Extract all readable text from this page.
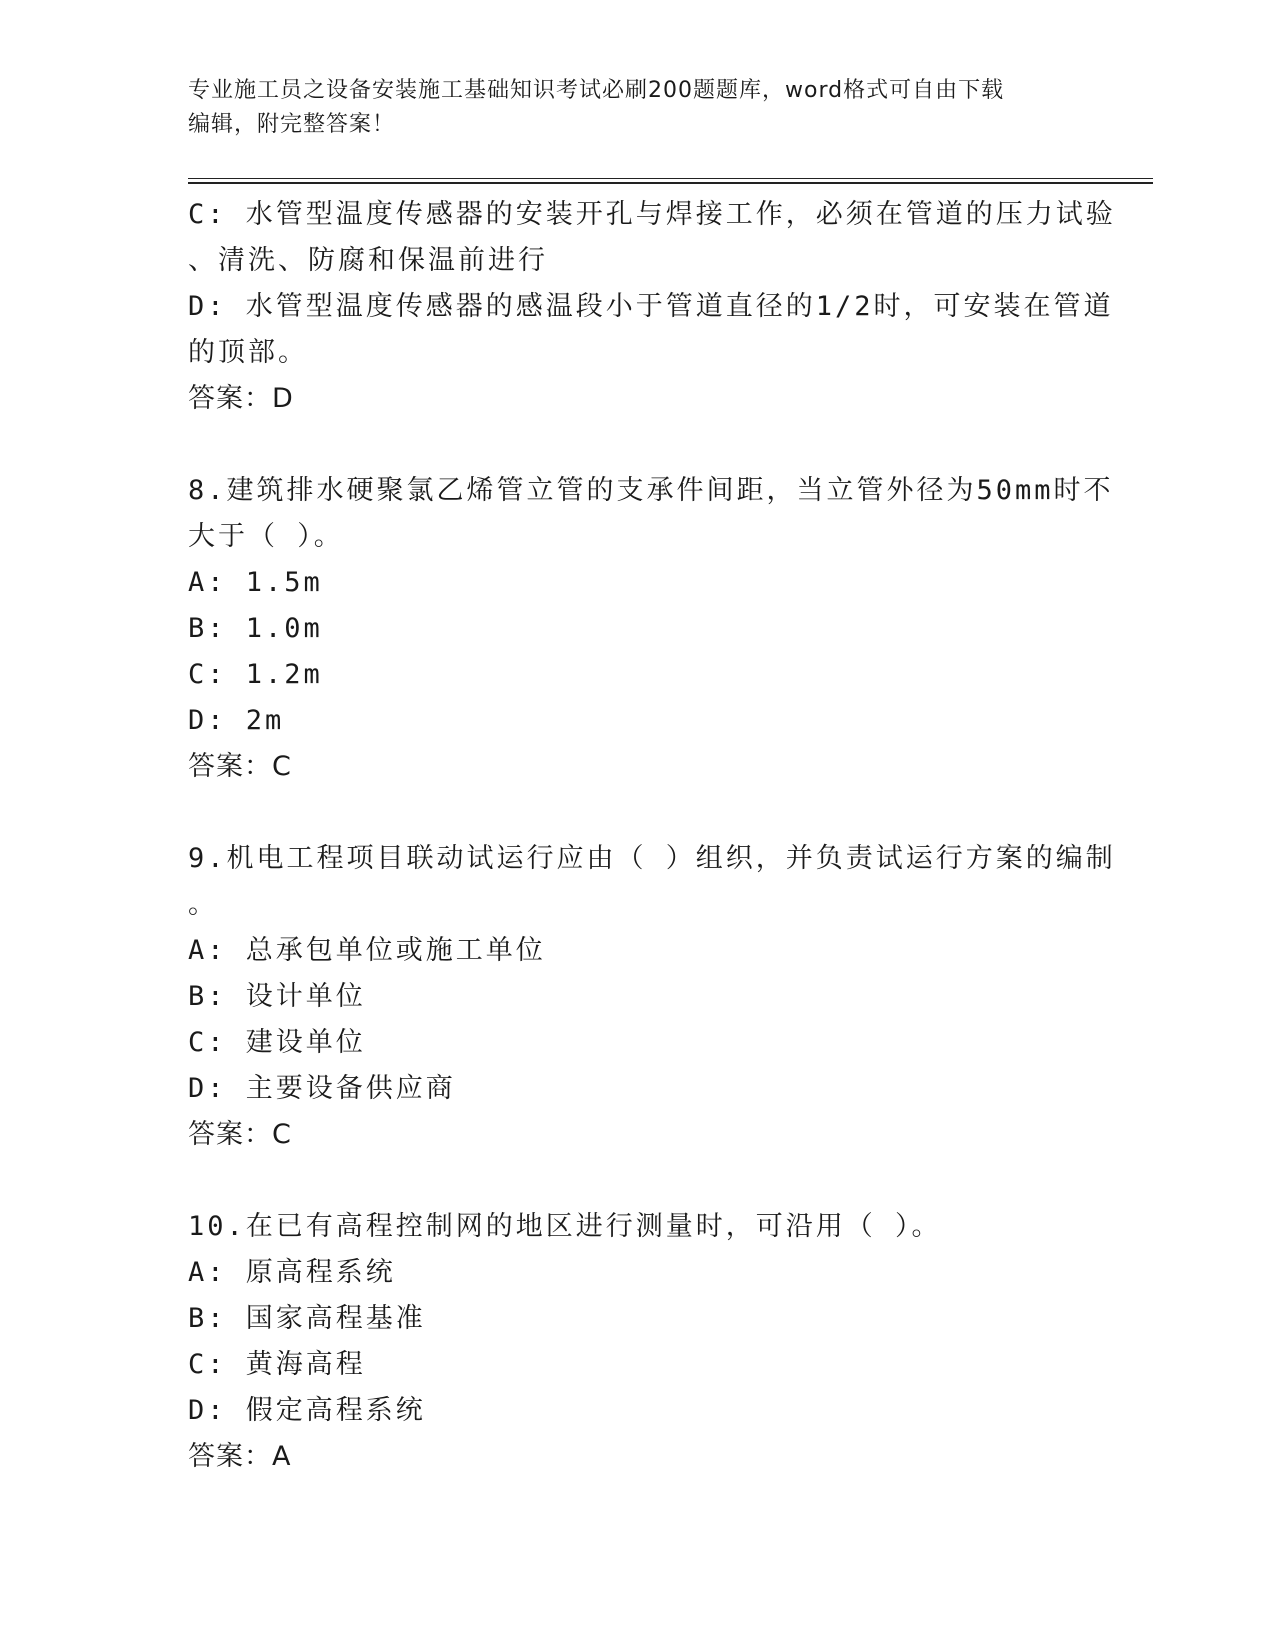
专业施工员之设备安装施工基础知识考试必刷200题题库，word格式可自由下载
编辑，附完整答案！

C: 水管型温度传感器的安装开孔与焊接工作，必须在管道的压力试验

、清洗、防腐和保温前进行

D: 水管型温度传感器的感温段小于管道直径的1/2时，可安装在管道

的顶部。

答案：D

8.建筑排水硬聚氯乙烯管立管的支承件间距，当立管外径为50mm时不

大于（ ）。

A: 1.5m

B: 1.0m

C: 1.2m

D: 2m

答案：C

9.机电工程项目联动试运行应由（ ）组织，并负责试运行方案的编制

。

A: 总承包单位或施工单位

B: 设计单位

C: 建设单位

D: 主要设备供应商

答案：C

10.在已有高程控制网的地区进行测量时，可沿用（ ）。

A: 原高程系统

B: 国家高程基准

C: 黄海高程

D: 假定高程系统

答案：A
